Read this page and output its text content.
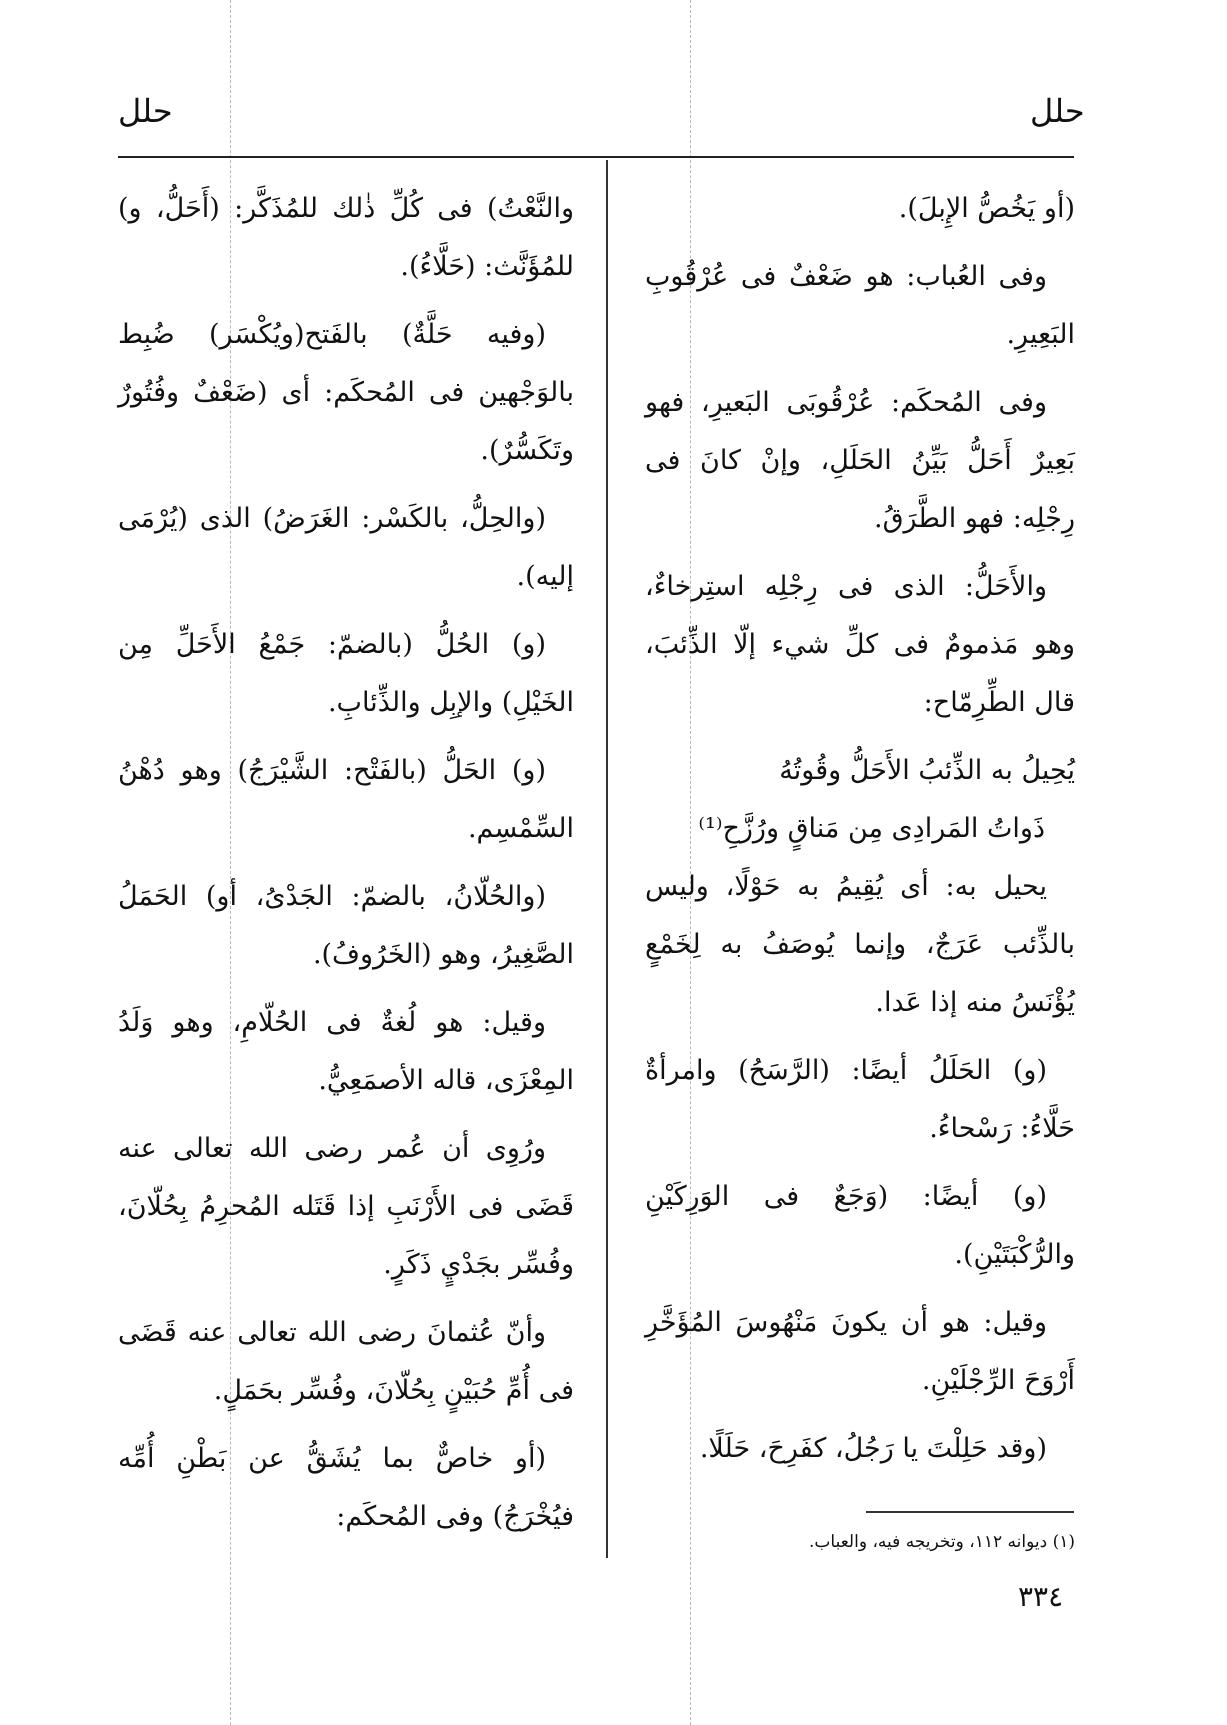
حلل	حلل

(أو يَخُصُّ الإِبلَ).

وفى العُباب: هو ضَعْفٌ فى عُرْقُوبِ البَعِيرِ.

وفى المُحكَم: عُرْقُوبَى البَعيرِ، فهو بَعِيرٌ أَحَلُّ بَيِّنُ الحَلَلِ، وإنْ كانَ فى رِجْلِه: فهو الطَّرَقُ.

والأَحَلُّ: الذى فى رِجْلِه استِرخاءٌ، وهو مَذمومٌ فى كلِّ شيء إلّا الذِّئبَ، قال الطِّرِمّاح:

يُحِيلُ به الذِّئبُ الأَحَلُّ وقُوتُهُ

ذَواتُ المَرادِى مِن مَناقٍ ورُزَّحِ⁽¹⁾

يحيل به: أى يُقِيمُ به حَوْلًا، وليس بالذِّئب عَرَجٌ، وإنما يُوصَفُ به لِخَمْعٍ يُؤْنَسُ منه إذا عَدا.

(و) الحَلَلُ أيضًا: (الرَّسَحُ) وامرأةٌ حَلَّاءُ: رَسْحاءُ.

(و) أيضًا: (وَجَعٌ فى الوَرِكَيْنِ والرُّكْبَتَيْنِ).

وقيل: هو أن يكونَ مَنْهُوسَ المُؤَخَّرِ أَرْوَحَ الرِّجْلَيْنِ.

(وقد حَلِلْتَ يا رَجُلُ، كفَرِحَ، حَلَلًا.

والنَّعْتُ) فى كُلِّ ذٰلك للمُذَكَّر: (أَحَلُّ، و) للمُؤَنَّث: (حَلَّاءُ).

(وفيه حَلَّةٌ) بالفَتح(ويُكْسَر) ضُبِط بالوَجْهين فى المُحكَم: أى (ضَعْفٌ وفُتُورٌ وتَكَسُّرٌ).

(والحِلُّ، بالكَسْر: الغَرَضُ) الذى (يُرْمَى إليه).

(و) الحُلُّ (بالضمّ: جَمْعُ الأَحَلِّ مِن الخَيْلِ) والإبِل والذِّئابِ.

(و) الحَلُّ (بالفَتْح: الشَّيْرَجُ) وهو دُهْنُ السِّمْسِم.

(والحُلّانُ، بالضمّ: الجَدْىُ، أو) الحَمَلُ الصَّغِيرُ، وهو (الخَرُوفُ).

وقيل: هو لُغةٌ فى الحُلّامِ، وهو وَلَدُ المِعْزَى، قاله الأصمَعِيُّ.

ورُوِى أن عُمر رضى الله تعالى عنه قَضَى فى الأَرْنَبِ إذا قَتَله المُحرِمُ بِحُلّانَ، وفُسِّر بجَدْيٍ ذَكَرٍ.

وأنّ عُثمانَ رضى الله تعالى عنه قَضَى فى أُمِّ حُبَيْنٍ بِحُلّانَ، وفُسِّر بحَمَلٍ.

(أو خاصٌّ بما يُشَقُّ عن بَطْنِ أُمِّه فيُخْرَجُ) وفى المُحكَم:

(١) ديوانه ١١٢، وتخريجه فيه، والعباب.
٣٣٤
